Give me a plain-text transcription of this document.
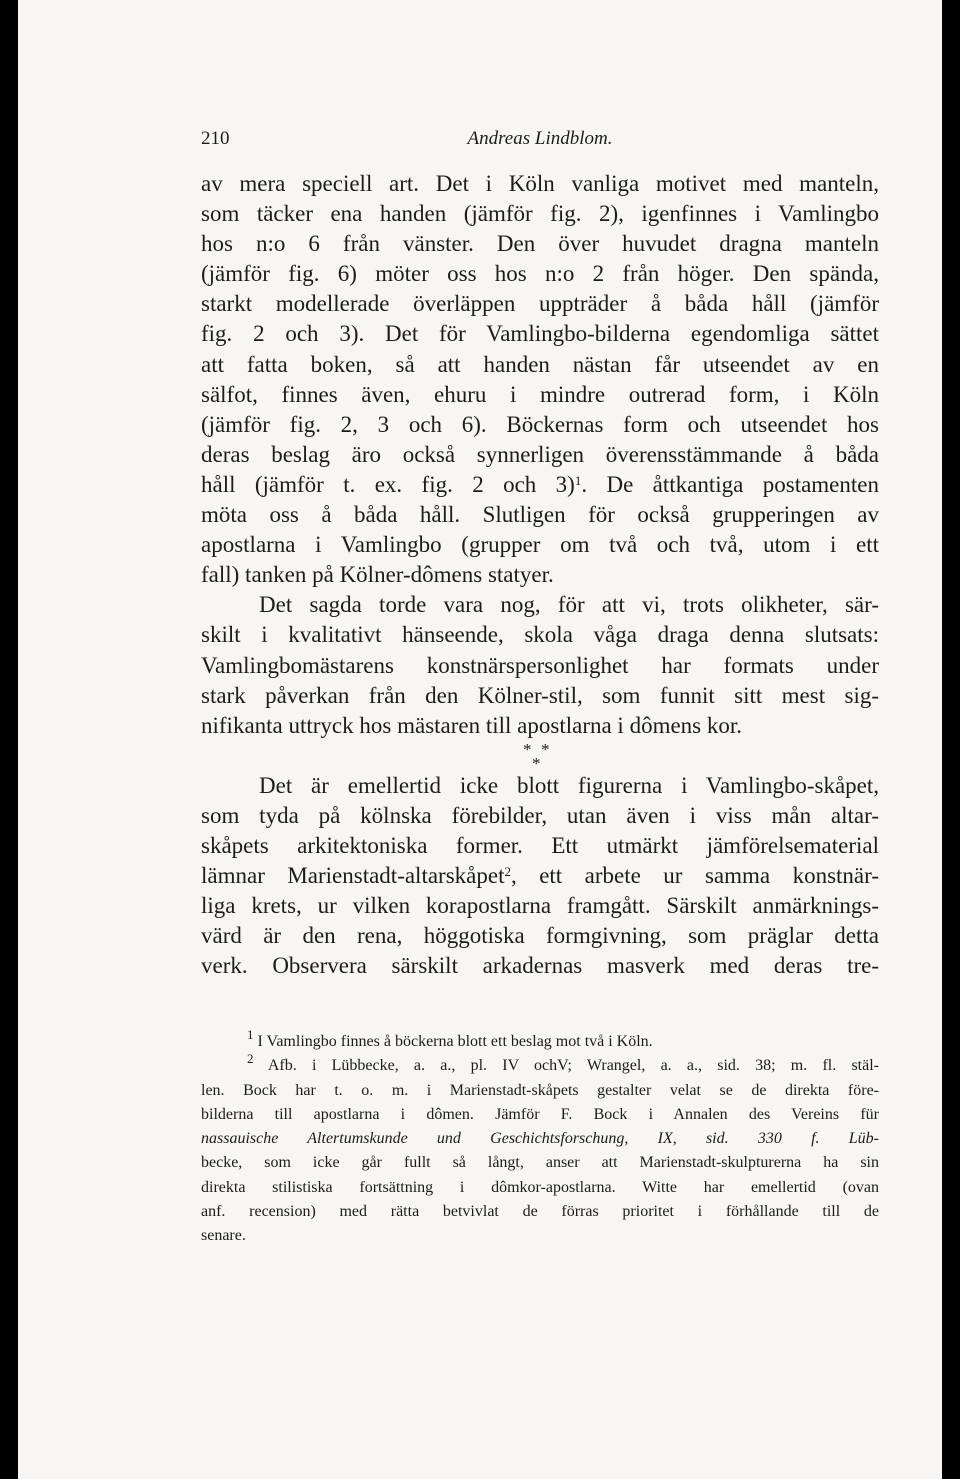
210	Andreas Lindblom.
av mera speciell art. Det i Köln vanliga motivet med manteln,
som täcker ena handen (jämför fig. 2), igenfinnes i Vamlingbo
hos n:o 6 från vänster. Den över huvudet dragna manteln
(jämför fig. 6) möter oss hos n:o 2 från höger. Den spända,
starkt modellerade överläppen uppträder å båda håll (jämför
fig. 2 och 3). Det för Vamlingbo-bilderna egendomliga sättet
att fatta boken, så att handen nästan får utseendet av en
sälfot, finnes även, ehuru i mindre outrerad form, i Köln
(jämför fig. 2, 3 och 6). Böckernas form och utseendet hos
deras beslag äro också synnerligen överensstämmande å båda
håll (jämför t. ex. fig. 2 och 3)$^1$. De åttkantiga postamenten
möta oss å båda håll. Slutligen för också grupperingen av
apostlarna i Vamlingbo (grupper om två och två, utom i ett
fall) tanken på Kölner-dômens statyer.
Det sagda torde vara nog, för att vi, trots olikheter, sär-
skilt i kvalitativt hänseende, skola våga draga denna slutsats:
Vamlingbomästarens konstnärspersonlighet har formats under
stark påverkan från den Kölner-stil, som funnit sitt mest sig-
nifikanta uttryck hos mästaren till apostlarna i dômens kor.
* *
*
Det är emellertid icke blott figurerna i Vamlingbo-skåpet,
som tyda på kölnska förebilder, utan även i viss mån altar-
skåpets arkitektoniska former. Ett utmärkt jämförelsematerial
lämnar Marienstadt-altarskåpet$^2$, ett arbete ur samma konstnär-
liga krets, ur vilken korapostlarna framgått. Särskilt anmärknings-
värd är den rena, höggotiska formgivning, som präglar detta
verk. Observera särskilt arkadernas masverk med deras tre-
$^1$ I Vamlingbo finnes å böckerna blott ett beslag mot två i Köln.
$^2$ Afb. i Lübbecke, a. a., pl. IV ochV; Wrangel, a. a., sid. 38; m. fl. stäl-
len. Bock har t. o. m. i Marienstadt-skåpets gestalter velat se de direkta före-
bilderna till apostlarna i dômen. Jämför F. Bock i Annalen des Vereins für
nassauische Altertumskunde und Geschichtsforschung, IX, sid. 330 f. Lüb-
becke, som icke går fullt så långt, anser att Marienstadt-skulpturerna ha sin
direkta stilistiska fortsättning i dômkor-apostlarna. Witte har emellertid (ovan
anf. recension) med rätta betvivlat de förras prioritet i förhållande till de
senare.
